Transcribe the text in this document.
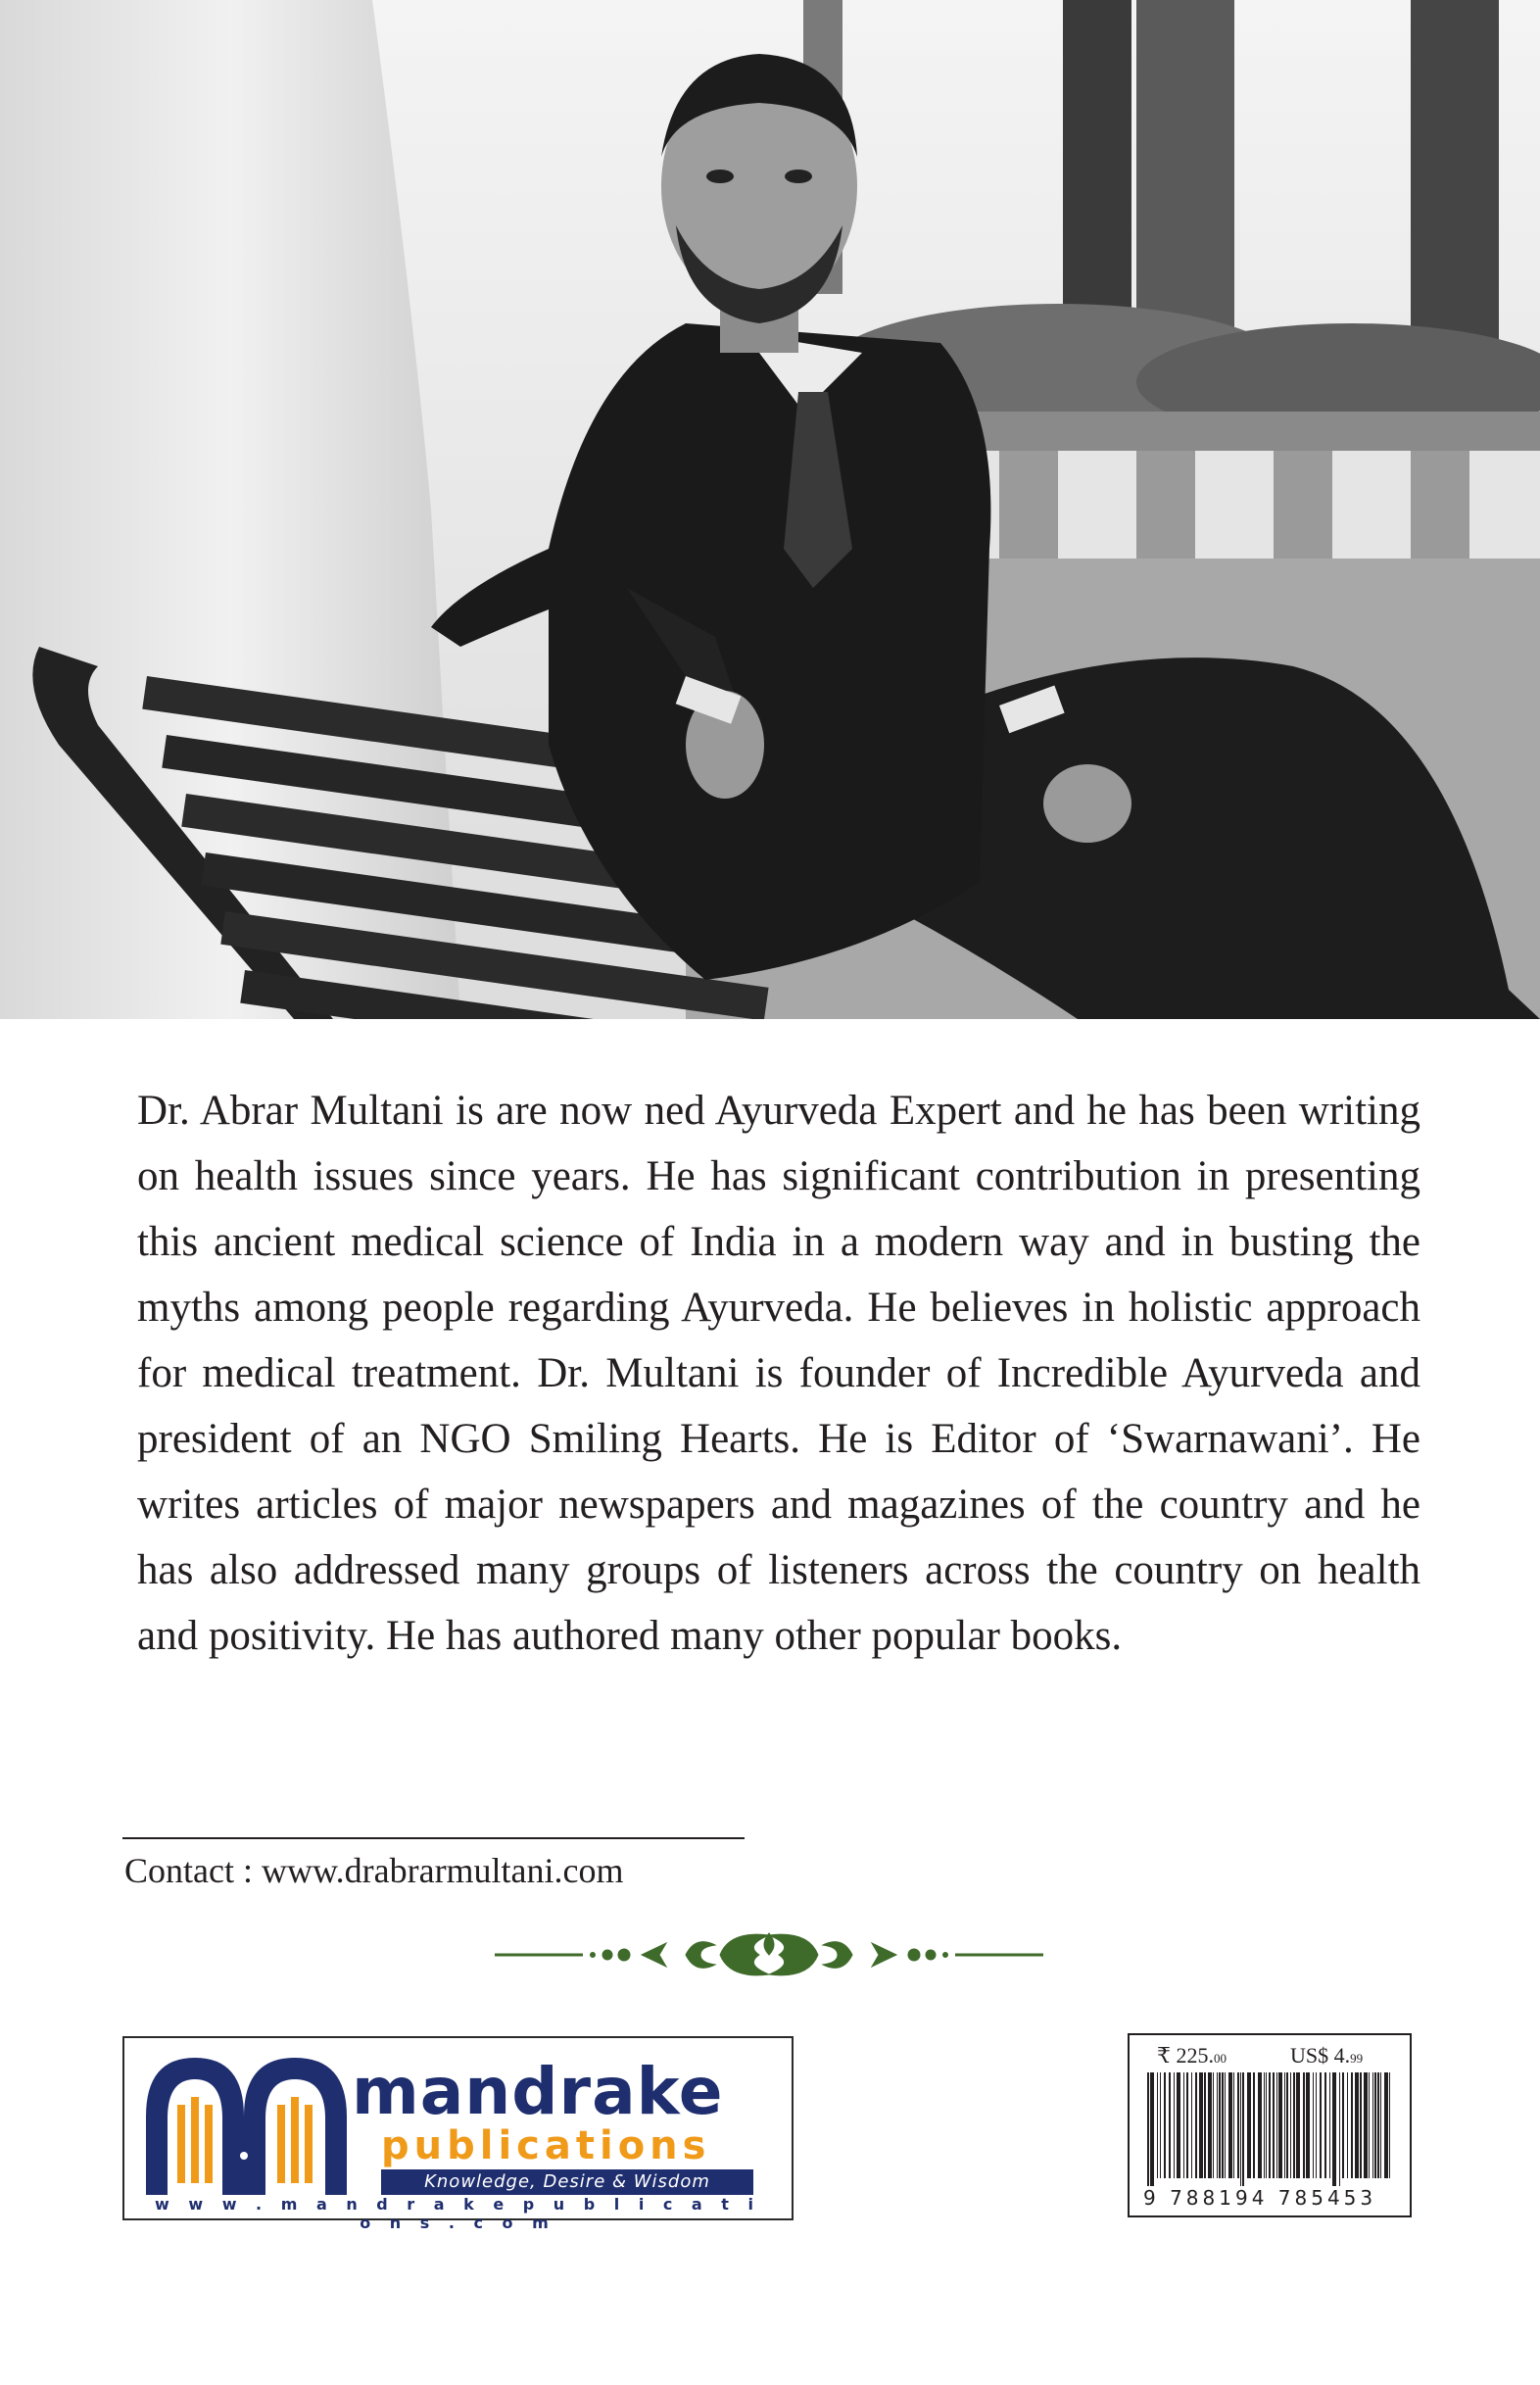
Dr. Abrar Multani is are now ned Ayurveda Expert and he has been writing on health issues since years. He has significant contribution in presenting this ancient medical science of India in a modern way and in busting the myths among people regarding Ayurveda. He believes in holistic approach for medical treatment. Dr. Multani is founder of Incredible Ayurveda and president of an NGO Smiling Hearts. He is Editor of ‘Swarnawani’. He writes articles of major newspapers and magazines of the country and he has also addressed many groups of listeners across the country on health and positivity. He has authored many other popular books.

Contact : www.drabrarmultani.com
mandrake
publications
Knowledge, Desire & Wisdom
w w w . m a n d r a k e p u b l i c a t i o n s . c o m
₹ 225.00	US$ 4.99
9 788194 785453
